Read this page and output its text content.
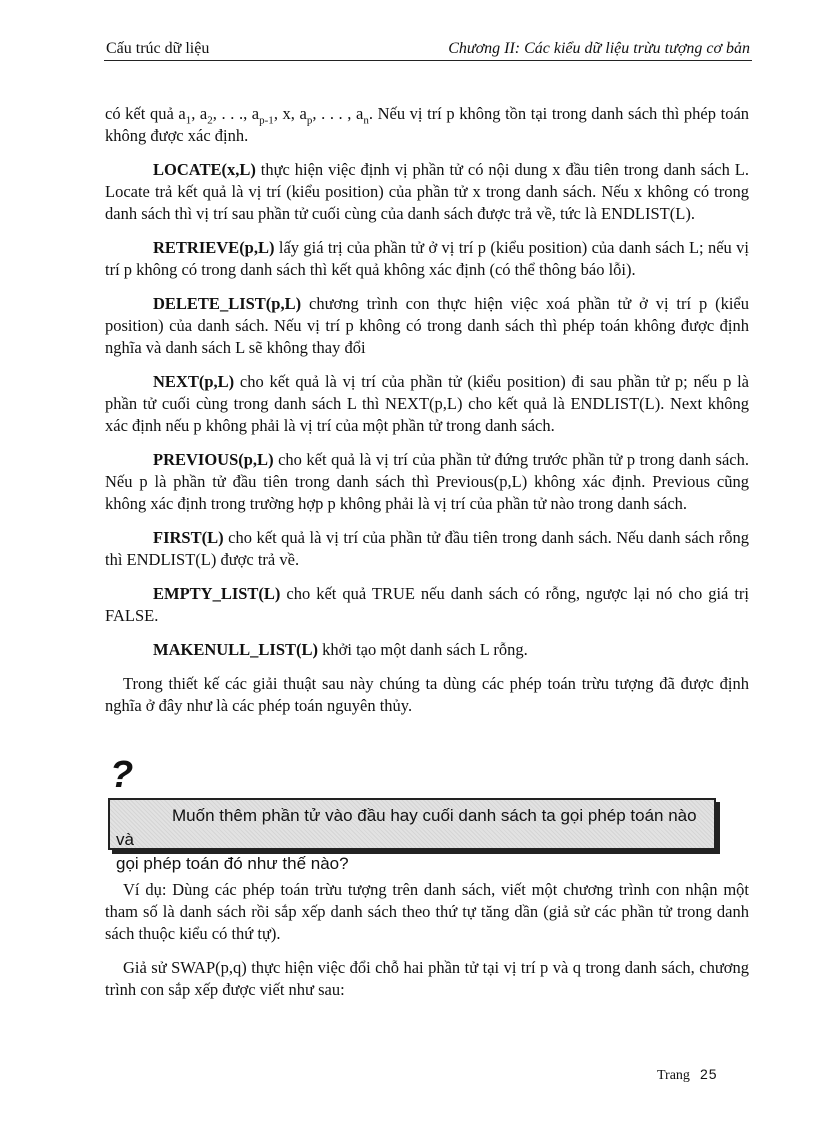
Cấu trúc dữ liệu	Chương II: Các kiểu dữ liệu trừu tượng cơ bản

có kết quả $a_1$, $a_2$, . . ., $a_{p-1}$, x, $a_p$, . . . , $a_n$. Nếu vị trí p không tồn tại trong danh sách thì phép toán không được xác định.

LOCATE(x,L) thực hiện việc định vị phần tử có nội dung x đầu tiên trong danh sách L. Locate trả kết quả là vị trí (kiểu position) của phần tử x trong danh sách. Nếu x không có trong danh sách thì vị trí sau phần tử cuối cùng của danh sách được trả về, tức là ENDLIST(L).

RETRIEVE(p,L) lấy giá trị của phần tử ở vị trí p (kiểu position) của danh sách L; nếu vị trí p không có trong danh sách thì kết quả không xác định (có thể thông báo lỗi).

DELETE_LIST(p,L) chương trình con thực hiện việc xoá phần tử ở vị trí p (kiểu position) của danh sách. Nếu vị trí p không có trong danh sách thì phép toán không được định nghĩa và danh sách L sẽ không thay đổi

NEXT(p,L) cho kết quả là vị trí của phần tử (kiểu position) đi sau phần tử p; nếu p là phần tử cuối cùng trong danh sách L thì NEXT(p,L) cho kết quả là ENDLIST(L). Next không xác định nếu p không phải là vị trí của một phần tử trong danh sách.

PREVIOUS(p,L) cho kết quả là vị trí của phần tử đứng trước phần tử p trong danh sách. Nếu p là phần tử đầu tiên trong danh sách thì Previous(p,L) không xác định. Previous cũng không xác định trong trường hợp p không phải là vị trí của phần tử nào trong danh sách.

FIRST(L) cho kết quả là vị trí của phần tử đầu tiên trong danh sách. Nếu danh sách rỗng thì ENDLIST(L) được trả về.

EMPTY_LIST(L) cho kết quả TRUE nếu danh sách có rỗng, ngược lại nó cho giá trị FALSE.

MAKENULL_LIST(L) khởi tạo một danh sách L rỗng.

Trong thiết kế các giải thuật sau này chúng ta dùng các phép toán trừu tượng đã được định nghĩa ở đây như là các phép toán nguyên thủy.

?
Muốn thêm phần tử vào đầu hay cuối danh sách ta gọi phép toán nào và
gọi phép toán đó như thế nào?

Ví dụ: Dùng các phép toán trừu tượng trên danh sách, viết một chương trình con nhận một tham số là danh sách rồi sắp xếp danh sách theo thứ tự tăng dần (giả sử các phần tử trong danh sách thuộc kiểu có thứ tự).

Giả sử SWAP(p,q) thực hiện việc đổi chỗ hai phần tử tại vị trí p và q trong danh sách, chương trình con sắp xếp được viết như sau:

Trang 25
